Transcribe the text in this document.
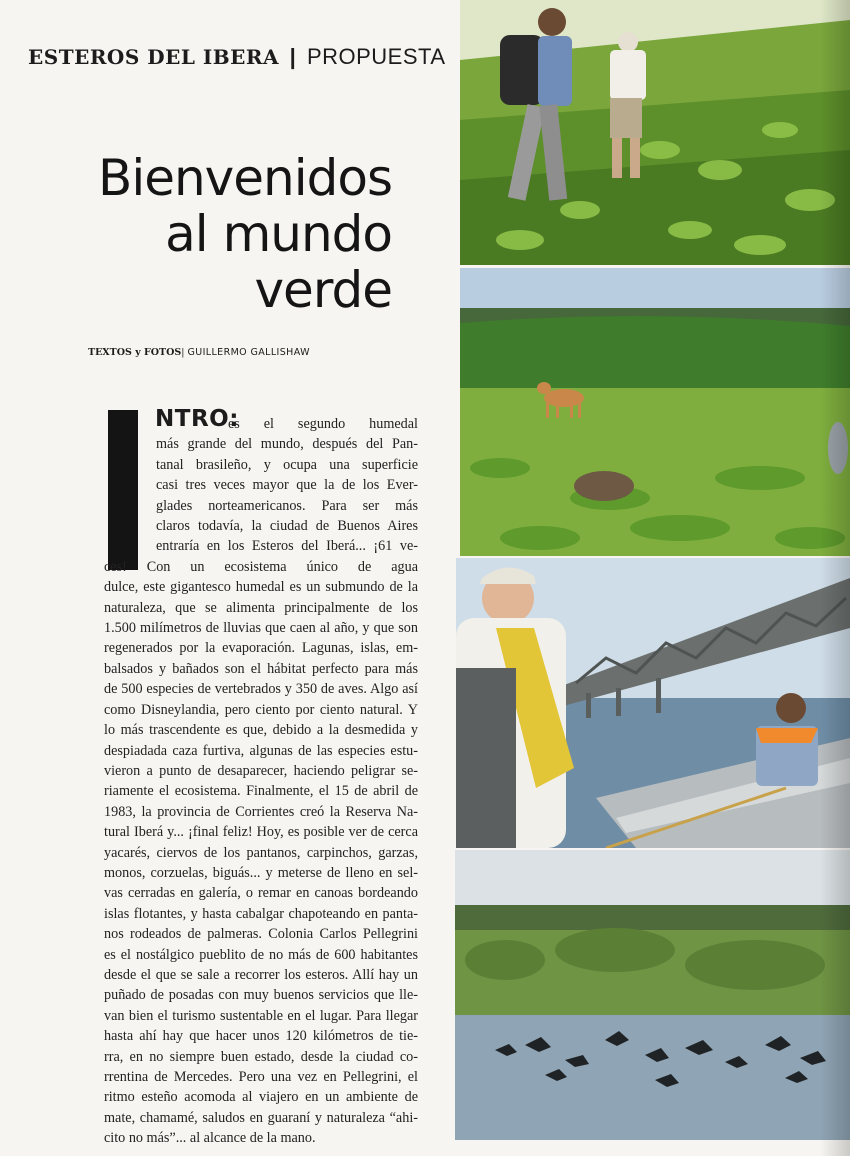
ESTEROS DEL IBERA | PROPUESTA
Bienvenidos
al mundo
verde
TEXTOS y FOTOS| GUILLERMO GALLISHAW
NTRO:
es el segundo humedal
más grande del mundo, después del Pan-
tanal brasileño, y ocupa una superficie
casi tres veces mayor que la de los Ever-
glades norteamericanos. Para ser más
claros todavía, la ciudad de Buenos Aires
entraría en los Esteros del Iberá... ¡61 ve-
ces! Con un ecosistema único de agua
dulce, este gigantesco humedal es un submundo de la
naturaleza, que se alimenta principalmente de los
1.500 milímetros de lluvias que caen al año, y que son
regenerados por la evaporación. Lagunas, islas, em-
balsados y bañados son el hábitat perfecto para más
de 500 especies de vertebrados y 350 de aves. Algo así
como Disneylandia, pero ciento por ciento natural. Y
lo más trascendente es que, debido a la desmedida y
despiadada caza furtiva, algunas de las especies estu-
vieron a punto de desaparecer, haciendo peligrar se-
riamente el ecosistema. Finalmente, el 15 de abril de
1983, la provincia de Corrientes creó la Reserva Na-
tural Iberá y... ¡final feliz! Hoy, es posible ver de cerca
yacarés, ciervos de los pantanos, carpinchos, garzas,
monos, corzuelas, biguás... y meterse de lleno en sel-
vas cerradas en galería, o remar en canoas bordeando
islas flotantes, y hasta cabalgar chapoteando en panta-
nos rodeados de palmeras. Colonia Carlos Pellegrini
es el nostálgico pueblito de no más de 600 habitantes
desde el que se sale a recorrer los esteros. Allí hay un
puñado de posadas con muy buenos servicios que lle-
van bien el turismo sustentable en el lugar. Para llegar
hasta ahí hay que hacer unos 120 kilómetros de tie-
rra, en no siempre buen estado, desde la ciudad co-
rrentina de Mercedes. Pero una vez en Pellegrini, el
ritmo esteño acomoda al viajero en un ambiente de
mate, chamamé, saludos en guaraní y naturaleza “ahi-
cito no más”... al alcance de la mano.
